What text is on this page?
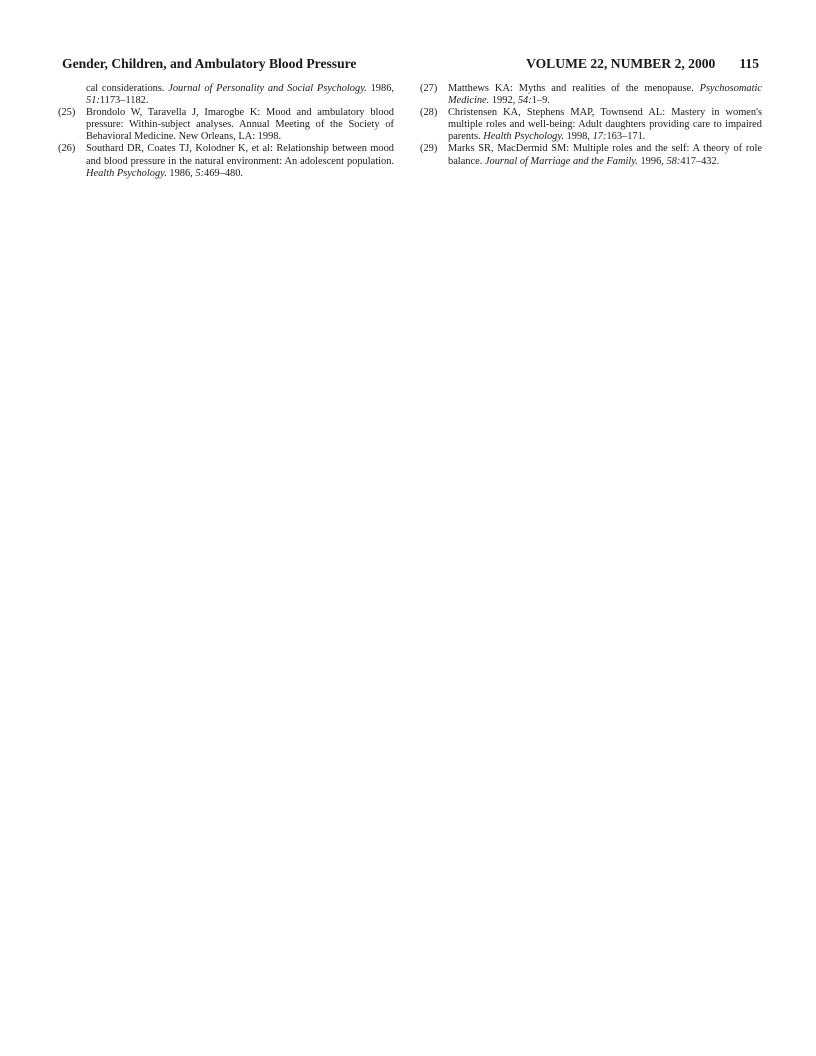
Gender, Children, and Ambulatory Blood Pressure	VOLUME 22, NUMBER 2, 2000 115
cal considerations. Journal of Personality and Social Psychology. 1986, 51:1173–1182.
(25) Brondolo W, Taravella J, Imarogbe K: Mood and ambulatory blood pressure: Within-subject analyses. Annual Meeting of the Society of Behavioral Medicine. New Orleans, LA: 1998.
(26) Southard DR, Coates TJ, Kolodner K, et al: Relationship between mood and blood pressure in the natural environment: An adolescent population. Health Psychology. 1986, 5:469–480.
(27) Matthews KA: Myths and realities of the menopause. Psychosomatic Medicine. 1992, 54:1–9.
(28) Christensen KA, Stephens MAP, Townsend AL: Mastery in women's multiple roles and well-being: Adult daughters providing care to impaired parents. Health Psychology. 1998, 17:163–171.
(29) Marks SR, MacDermid SM: Multiple roles and the self: A theory of role balance. Journal of Marriage and the Family. 1996, 58:417–432.
